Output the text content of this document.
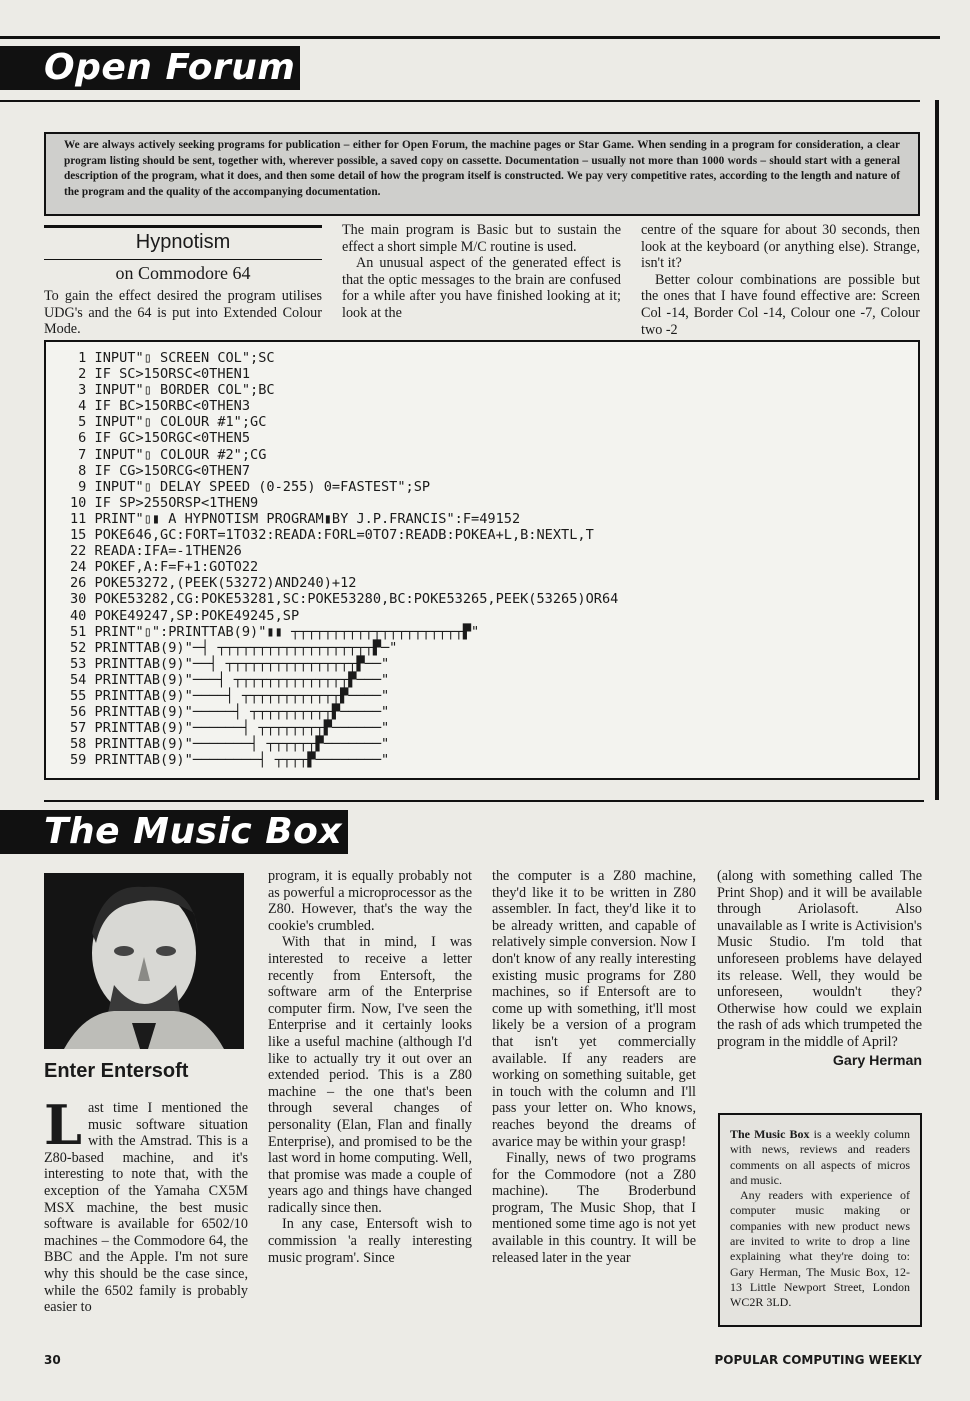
Open Forum
We are always actively seeking programs for publication – either for Open Forum, the machine pages or Star Game. When sending in a program for consideration, a clear program listing should be sent, together with, wherever possible, a saved copy on cassette. Documentation – usually not more than 1000 words – should start with a general description of the program, what it does, and then some detail of how the program itself is constructed. We pay very competitive rates, according to the length and nature of the program and the quality of the accompanying documentation.
Hypnotism
on Commodore 64

To gain the effect desired the program utilises UDG's and the 64 is put into Extended Colour Mode.

The main program is Basic but to sustain the effect a short simple M/C routine is used.

An unusual aspect of the generated effect is that the optic messages to the brain are confused for a while after you have finished looking at it; look at the

centre of the square for about 30 seconds, then look at the keyboard (or anything else). Strange, isn't it?

Better colour combinations are possible but the ones that I have found effective are: Screen Col -14, Border Col -14, Colour one -7, Colour two -2

1 INPUT"▯ SCREEN COL";SC
2 IF SC>15ORSC<0THEN1
3 INPUT"▯ BORDER COL";BC
4 IF BC>15ORBC<0THEN3
5 INPUT"▯ COLOUR #1";GC
6 IF GC>15ORGC<0THEN5
7 INPUT"▯ COLOUR #2";CG
8 IF CG>15ORCG<0THEN7
9 INPUT"▯ DELAY SPEED (0-255) 0=FASTEST";SP
10 IF SP>255ORSP<1THEN9
11 PRINT"▯▮ A HYPNOTISM PROGRAM▮BY J.P.FRANCIS":F=49152
15 POKE646,GC:FORT=1TO32:READA:FORL=0TO7:READB:POKEA+L,B:NEXTL,T
22 READA:IFA=-1THEN26
24 POKEF,A:F=F+1:GOTO22
26 POKE53272,(PEEK(53272)AND240)+12
30 POKE53282,CG:POKE53281,SC:POKE53280,BC:POKE53265,PEEK(53265)OR64
40 POKE49247,SP:POKE49245,SP
51 PRINT"▯":PRINTTAB(9)"▮▮ ┬┬┬┬┬┬┬┬┬┬┬┬┬┬┬┬┬┬┬┬┬▛"
52 PRINTTAB(9)"─┤ ┬┬┬┬┬┬┬┬┬┬┬┬┬┬┬┬┬┬┬▛─"
53 PRINTTAB(9)"──┤ ┬┬┬┬┬┬┬┬┬┬┬┬┬┬┬┬▛──"
54 PRINTTAB(9)"───┤ ┬┬┬┬┬┬┬┬┬┬┬┬┬┬▛───"
55 PRINTTAB(9)"────┤ ┬┬┬┬┬┬┬┬┬┬┬┬▛────"
56 PRINTTAB(9)"─────┤ ┬┬┬┬┬┬┬┬┬┬▛─────"
57 PRINTTAB(9)"──────┤ ┬┬┬┬┬┬┬┬▛──────"
58 PRINTTAB(9)"───────┤ ┬┬┬┬┬┬▛───────"
59 PRINTTAB(9)"────────┤ ┬┬┬┬▛────────"
The Music Box
Enter Entersoft

Last time I mentioned the music software situation with the Amstrad. This is a Z80-based machine, and it's interesting to note that, with the exception of the Yamaha CX5M MSX machine, the best music software is available for 6502/10 machines – the Commodore 64, the BBC and the Apple. I'm not sure why this should be the case since, while the 6502 family is probably easier to

program, it is equally probably not as powerful a microprocessor as the Z80. However, that's the way the cookie's crumbled.

With that in mind, I was interested to receive a letter recently from Entersoft, the software arm of the Enterprise computer firm. Now, I've seen the Enterprise and it certainly looks like a useful machine (although I'd like to actually try it out over an extended period. This is a Z80 machine – the one that's been through several changes of personality (Elan, Flan and finally Enterprise), and promised to be the last word in home computing. Well, that promise was made a couple of years ago and things have changed radically since then.

In any case, Entersoft wish to commission 'a really interesting music program'. Since

the computer is a Z80 machine, they'd like it to be written in Z80 assembler. In fact, they'd like it to be already written, and capable of relatively simple conversion. Now I don't know of any really interesting existing music programs for Z80 machines, so if Entersoft are to come up with something, it'll most likely be a version of a program that isn't yet commercially available. If any readers are working on something suitable, get in touch with the column and I'll pass your letter on. Who knows, reaches beyond the dreams of avarice may be within your grasp!

Finally, news of two programs for the Commodore (not a Z80 machine). The Broderbund program, The Music Shop, that I mentioned some time ago is not yet available in this country. It will be released later in the year

(along with something called The Print Shop) and it will be available through Ariolasoft. Also unavailable as I write is Activision's Music Studio. I'm told that unforeseen problems have delayed its release. Well, they would be unforeseen, wouldn't they? Otherwise how could we explain the rash of ads which trumpeted the program in the middle of April?

Gary Herman

The Music Box is a weekly column with news, reviews and readers comments on all aspects of micros and music.

Any readers with experience of computer music making or companies with new product news are invited to write to drop a line explaining what they're doing to: Gary Herman, The Music Box, 12-13 Little Newport Street, London WC2R 3LD.

30	POPULAR COMPUTING WEEKLY
